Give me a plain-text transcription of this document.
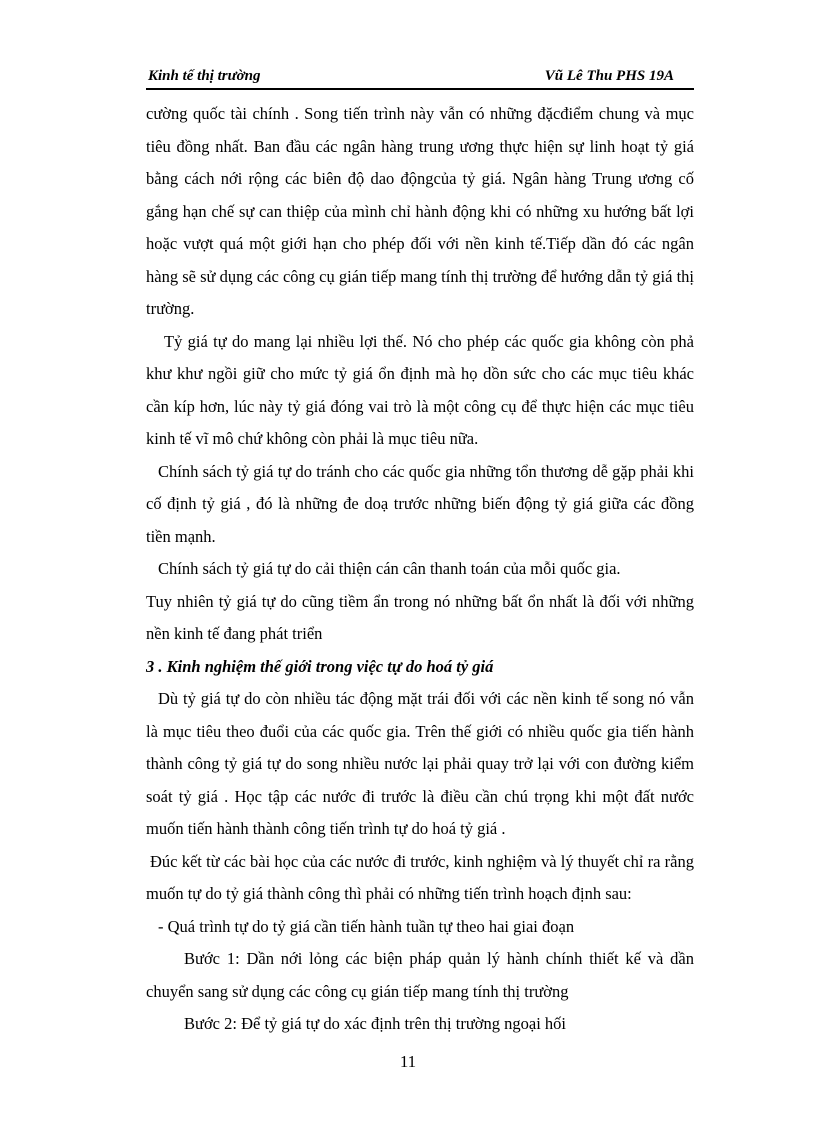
Kinh tế thị trường	Vũ Lê Thu PHS 19A

cường quốc tài chính . Song tiến trình này vẫn có những đặcđiểm chung và mục tiêu đồng nhất. Ban đầu các ngân hàng trung ương thực hiện sự linh hoạt tỷ giá bằng cách nới rộng các biên độ dao độngcủa tỷ giá. Ngân hàng Trung ương cố gắng hạn chế sự can thiệp của mình chỉ hành động khi có những xu hướng bất lợi hoặc vượt quá một giới hạn cho phép đối với nền kinh tế.Tiếp dần đó các ngân hàng sẽ sử dụng các công cụ gián tiếp mang tính thị trường để hướng dẫn tỷ giá thị trường.

Tỷ giá tự do mang lại nhiều lợi thế. Nó cho phép các quốc gia không còn phả khư khư ngồi giữ cho mức tỷ giá ổn định mà họ dồn sức cho các mục tiêu khác cần kíp hơn, lúc này tỷ giá đóng vai trò là một công cụ để thực hiện các mục tiêu kinh tế vĩ mô chứ không còn phải là mục tiêu nữa.

Chính sách tỷ giá tự do tránh cho các quốc gia những tổn thương dễ gặp phải khi cố định tỷ giá , đó là những đe doạ trước những biến động tỷ giá giữa các đồng tiền mạnh.

Chính sách tỷ giá tự do cải thiện cán cân thanh toán của mỗi quốc gia.

Tuy nhiên tỷ giá tự do cũng tiềm ẩn trong nó những bất ổn nhất là đối với những nền kinh tế đang phát triển

3 . Kinh nghiệm thế giới trong việc tự do hoá tỷ giá

Dù tỷ giá tự do còn nhiều tác động mặt trái đối với các nền kinh tế song nó vẫn là mục tiêu theo đuổi của các quốc gia. Trên thế giới có nhiều quốc gia tiến hành thành công tỷ giá tự do song nhiều nước lại phải quay trở lại với con đường kiểm soát tỷ giá . Học tập các nước đi trước là điều cần chú trọng khi một đất nước muốn tiến hành thành công tiến trình tự do hoá tỷ giá .

Đúc kết từ các bài học của các nước đi trước, kinh nghiệm và lý thuyết chỉ ra rằng muốn tự do tỷ giá thành công thì phải có những tiến trình hoạch định sau:

- Quá trình tự do tỷ giá cần tiến hành tuần tự theo hai giai đoạn

Bước 1: Dần nới lỏng các biện pháp quản lý hành chính thiết kế và dần chuyển sang sử dụng các công cụ gián tiếp mang tính thị trường

Bước 2: Để tỷ giá tự do xác định trên thị trường ngoại hối

11
